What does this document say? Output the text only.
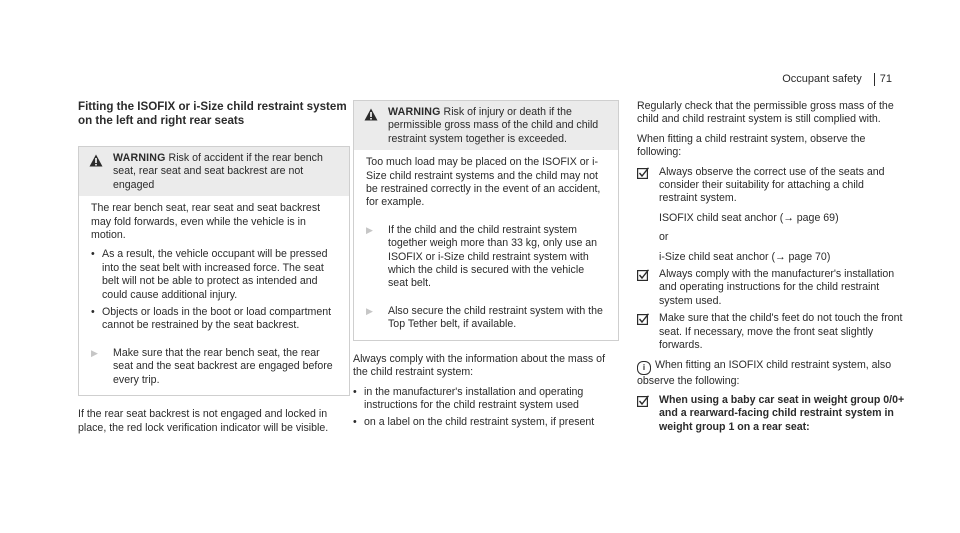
Occupant safety 71
Fitting the ISOFIX or i-Size child restraint system
on the left and right rear seats
WARNING Risk of accident if the rear bench seat, rear seat and seat backrest are not engaged

The rear bench seat, rear seat and seat backrest may fold forwards, even while the vehicle is in motion.

• As a result, the vehicle occupant will be pressed into the seat belt with increased force. The seat belt will not be able to protect as intended and could cause additional injury.
• Objects or loads in the boot or load compartment cannot be restrained by the seat backrest.
▶ Make sure that the rear bench seat, the rear seat and the seat backrest are engaged before every trip.

If the rear seat backrest is not engaged and locked in place, the red lock verification indicator will be visible.

WARNING Risk of injury or death if the permissible gross mass of the child and child restraint system together is exceeded.

Too much load may be placed on the ISOFIX or i-Size child restraint systems and the child may not be restrained correctly in the event of an accident, for example.

▶ If the child and the child restraint system together weigh more than 33 kg, only use an ISOFIX or i-Size child restraint system with which the child is secured with the vehicle seat belt.
▶ Also secure the child restraint system with the Top Tether belt, if available.

Always comply with the information about the mass of the child restraint system:

• in the manufacturer's installation and operating instructions for the child restraint system used
• on a label on the child restraint system, if present

Regularly check that the permissible gross mass of the child and child restraint system is still complied with.

When fitting a child restraint system, observe the following:

Always observe the correct use of the seats and consider their suitability for attaching a child restraint system.
ISOFIX child seat anchor (→ page 69)
or
i-Size child seat anchor (→ page 70)
Always comply with the manufacturer's installation and operating instructions for the child restraint system used.
Make sure that the child's feet do not touch the front seat. If necessary, move the front seat slightly forwards.

i When fitting an ISOFIX child restraint system, also observe the following:

When using a baby car seat in weight group 0/0+ and a rearward-facing child restraint system in weight group 1 on a rear seat:
